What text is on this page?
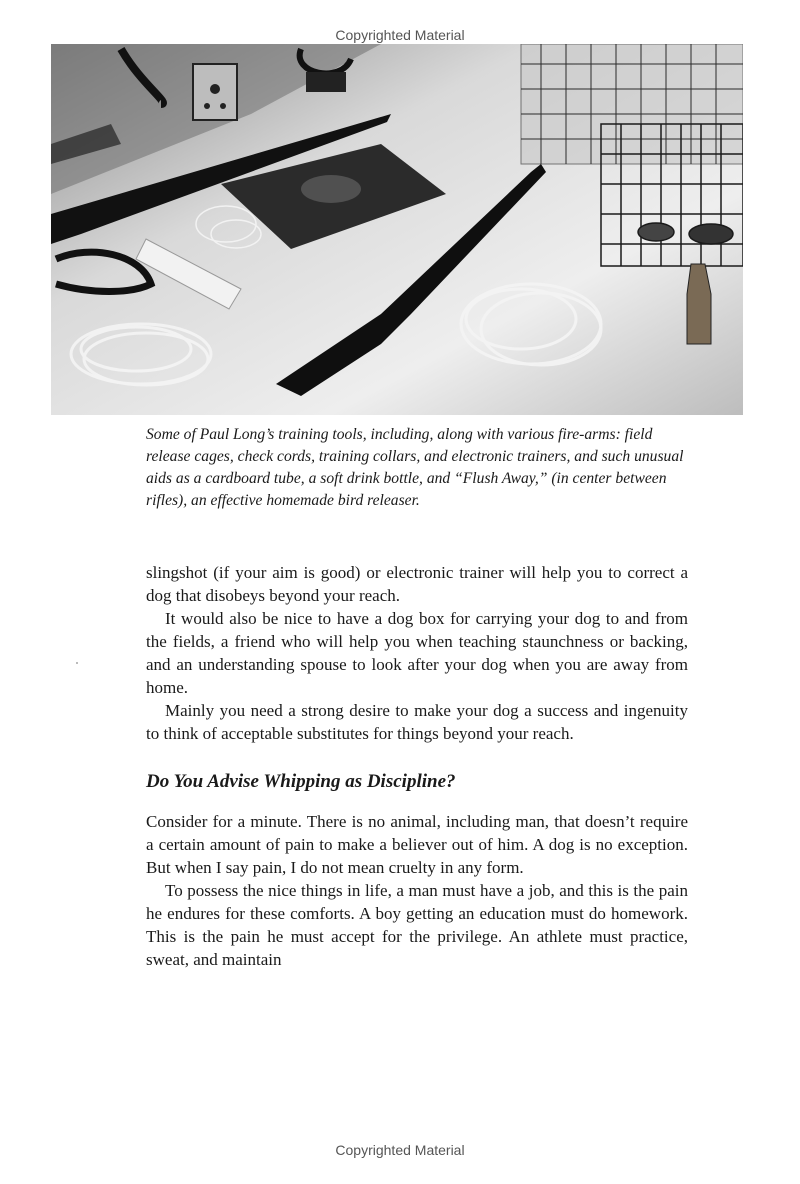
Copyrighted Material

Some of Paul Long’s training tools, including, along with various fire-arms: field release cages, check cords, training collars, and electronic trainers, and such unusual aids as a cardboard tube, a soft drink bottle, and “Flush Away,” (in center between rifles), an effective homemade bird releaser.

slingshot (if your aim is good) or electronic trainer will help you to correct a dog that disobeys beyond your reach.

It would also be nice to have a dog box for carrying your dog to and from the fields, a friend who will help you when teaching staunchness or backing, and an understanding spouse to look after your dog when you are away from home.

Mainly you need a strong desire to make your dog a success and ingenuity to think of acceptable substitutes for things beyond your reach.

Do You Advise Whipping as Discipline?

Consider for a minute. There is no animal, including man, that doesn’t require a certain amount of pain to make a believer out of him. A dog is no exception. But when I say pain, I do not mean cruelty in any form.

To possess the nice things in life, a man must have a job, and this is the pain he endures for these comforts. A boy getting an education must do homework. This is the pain he must accept for the privilege. An athlete must practice, sweat, and maintain

Copyrighted Material
